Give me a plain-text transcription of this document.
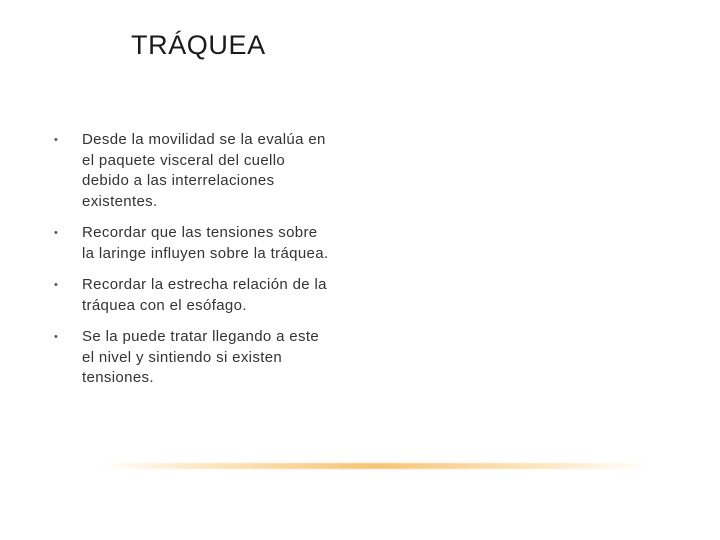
TRÁQUEA
•	Desde la movilidad se la evalúa en el paquete visceral del cuello debido a las interrelaciones existentes.
•	Recordar que las tensiones sobre la laringe influyen sobre la tráquea.
•	Recordar la estrecha relación de la tráquea con el esófago.
•	Se la puede tratar llegando a este el nivel y sintiendo si existen tensiones.
